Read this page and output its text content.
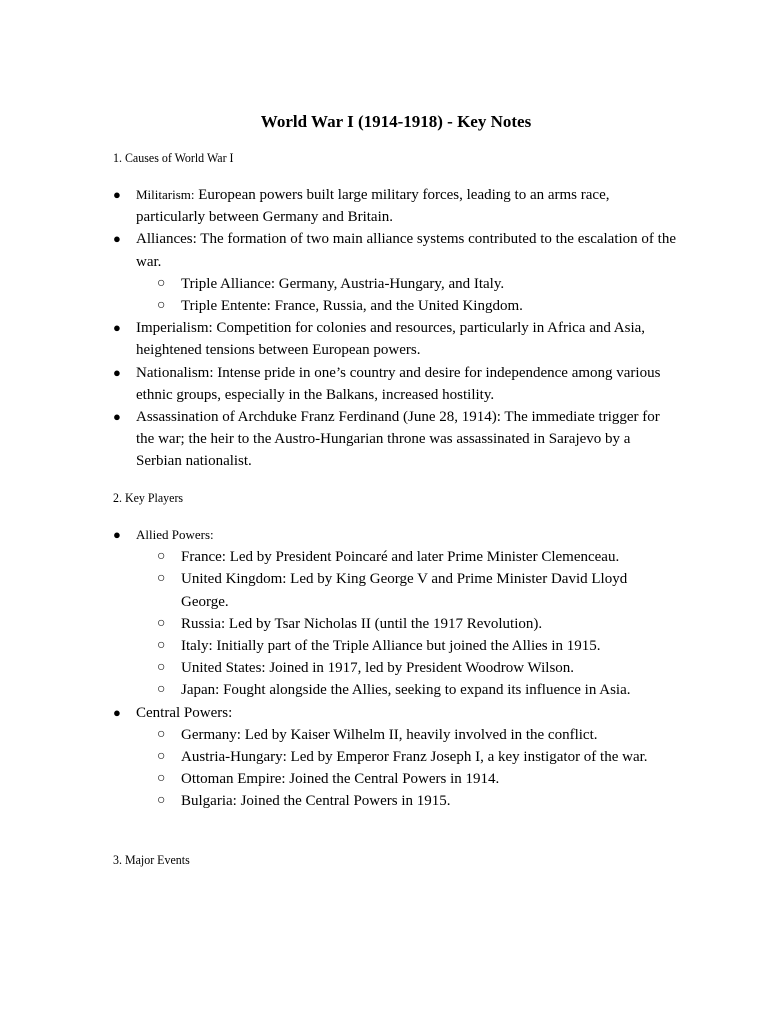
World War I (1914-1918) - Key Notes
1. Causes of World War I
● Militarism: European powers built large military forces, leading to an arms race, particularly between Germany and Britain.
● Alliances: The formation of two main alliance systems contributed to the escalation of the war.
○ Triple Alliance: Germany, Austria-Hungary, and Italy.
○ Triple Entente: France, Russia, and the United Kingdom.
● Imperialism: Competition for colonies and resources, particularly in Africa and Asia, heightened tensions between European powers.
● Nationalism: Intense pride in one’s country and desire for independence among various ethnic groups, especially in the Balkans, increased hostility.
● Assassination of Archduke Franz Ferdinand (June 28, 1914): The immediate trigger for the war; the heir to the Austro-Hungarian throne was assassinated in Sarajevo by a Serbian nationalist.
2. Key Players
● Allied Powers:
○ France: Led by President Poincaré and later Prime Minister Clemenceau.
○ United Kingdom: Led by King George V and Prime Minister David Lloyd George.
○ Russia: Led by Tsar Nicholas II (until the 1917 Revolution).
○ Italy: Initially part of the Triple Alliance but joined the Allies in 1915.
○ United States: Joined in 1917, led by President Woodrow Wilson.
○ Japan: Fought alongside the Allies, seeking to expand its influence in Asia.
● Central Powers:
○ Germany: Led by Kaiser Wilhelm II, heavily involved in the conflict.
○ Austria-Hungary: Led by Emperor Franz Joseph I, a key instigator of the war.
○ Ottoman Empire: Joined the Central Powers in 1914.
○ Bulgaria: Joined the Central Powers in 1915.
3. Major Events
